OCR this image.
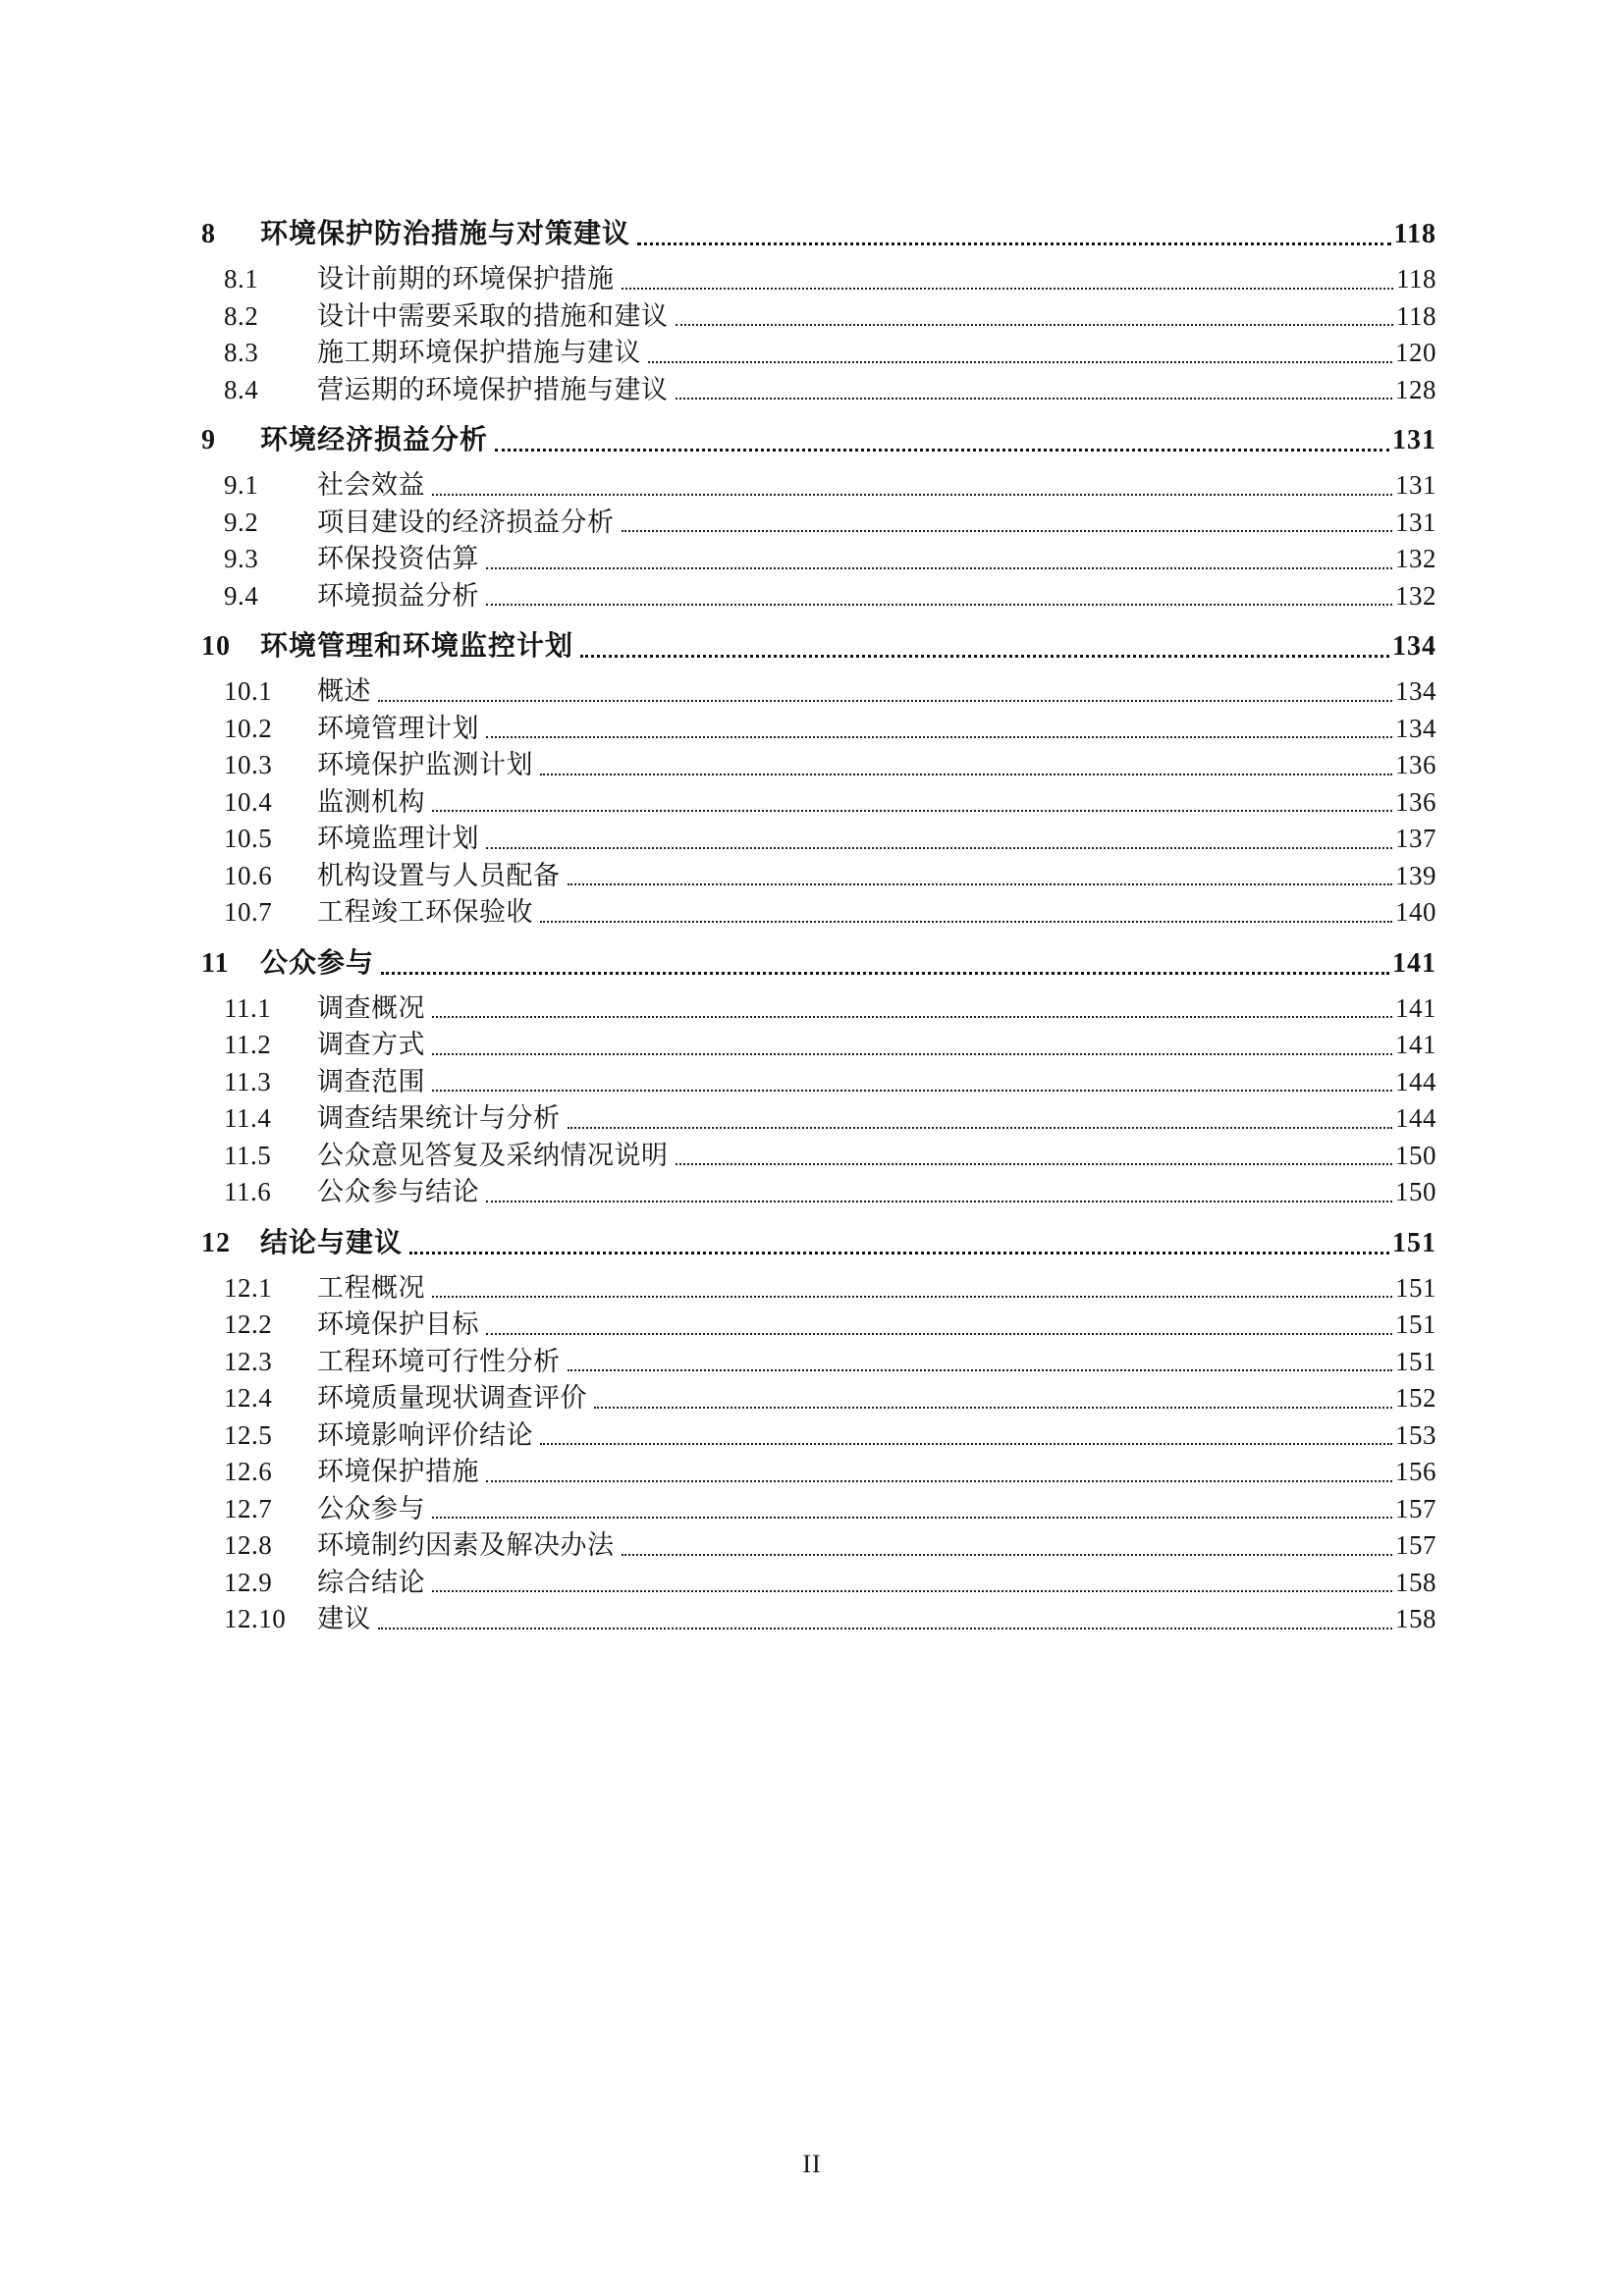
8	环境保护防治措施与对策建议	118
8.1	设计前期的环境保护措施	118
8.2	设计中需要采取的措施和建议	118
8.3	施工期环境保护措施与建议	120
8.4	营运期的环境保护措施与建议	128
9	环境经济损益分析	131
9.1	社会效益	131
9.2	项目建设的经济损益分析	131
9.3	环保投资估算	132
9.4	环境损益分析	132
10	环境管理和环境监控计划	134
10.1	概述	134
10.2	环境管理计划	134
10.3	环境保护监测计划	136
10.4	监测机构	136
10.5	环境监理计划	137
10.6	机构设置与人员配备	139
10.7	工程竣工环保验收	140
11	公众参与	141
11.1	调查概况	141
11.2	调查方式	141
11.3	调查范围	144
11.4	调查结果统计与分析	144
11.5	公众意见答复及采纳情况说明	150
11.6	公众参与结论	150
12	结论与建议	151
12.1	工程概况	151
12.2	环境保护目标	151
12.3	工程环境可行性分析	151
12.4	环境质量现状调查评价	152
12.5	环境影响评价结论	153
12.6	环境保护措施	156
12.7	公众参与	157
12.8	环境制约因素及解决办法	157
12.9	综合结论	158
12.10	建议	158
II
